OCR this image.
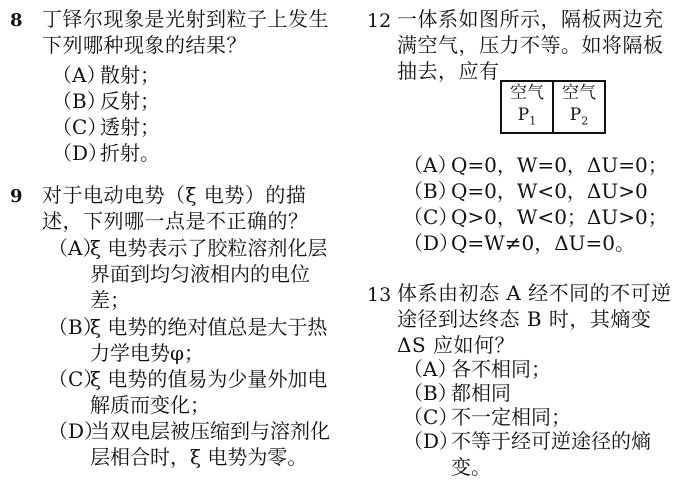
8 丁铎尔现象是光射到粒子上发生下列哪种现象的结果？
（A）散射；
（B）反射；
（C）透射；
（D）折射。
9 对于电动电势（ξ 电势）的描述，下列哪一点是不正确的？
（A）
ξ 电势表示了胶粒溶剂化层界面到均匀液相内的电位差；
（B）
ξ 电势的绝对值总是大于热力学电势φ；
（C）
ξ 电势的值易为少量外加电解质而变化；
（D）
当双电层被压缩到与溶剂化层相合时，ξ 电势为零。
12 一体系如图所示，隔板两边充满空气，压力不等。如将隔板抽去，应有
空气
$P_1$
空气
$P_2$
（A）Q=0，W=0，ΔU=0；
（B）Q=0，W<0，ΔU>0
（C）Q>0，W<0；ΔU>0；
（D）Q=W≠0，ΔU=0。
13 体系由初态 A 经不同的不可逆途径到达终态 B 时，其熵变ΔS 应如何？
（A）各不相同；
（B）都相同
（C）不一定相同；
（D）
不等于经可逆途径的熵变。
